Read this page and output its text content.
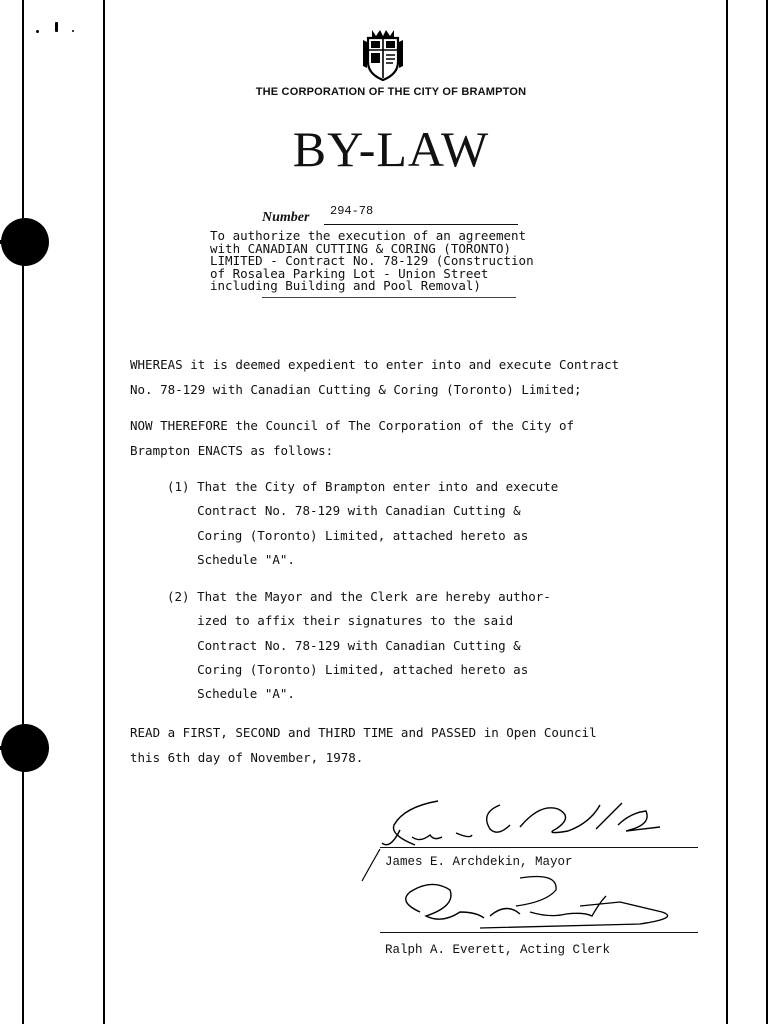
THE CORPORATION OF THE CITY OF BRAMPTON
BY-LAW
Number 294-78
To authorize the execution of an agreement
with CANADIAN CUTTING & CORING (TORONTO)
LIMITED - Contract No. 78-129 (Construction
of Rosalea Parking Lot - Union Street
including Building and Pool Removal)
WHEREAS it is deemed expedient to enter into and execute Contract
No. 78-129 with Canadian Cutting & Coring (Toronto) Limited;
NOW THEREFORE the Council of The Corporation of the City of
Brampton ENACTS as follows:
(1) That the City of Brampton enter into and execute
Contract No. 78-129 with Canadian Cutting &
Coring (Toronto) Limited, attached hereto as
Schedule "A".
(2) That the Mayor and the Clerk are hereby author-
ized to affix their signatures to the said
Contract No. 78-129 with Canadian Cutting &
Coring (Toronto) Limited, attached hereto as
Schedule "A".
READ a FIRST, SECOND and THIRD TIME and PASSED in Open Council
this 6th day of November, 1978.
James E. Archdekin, Mayor
Ralph A. Everett, Acting Clerk
